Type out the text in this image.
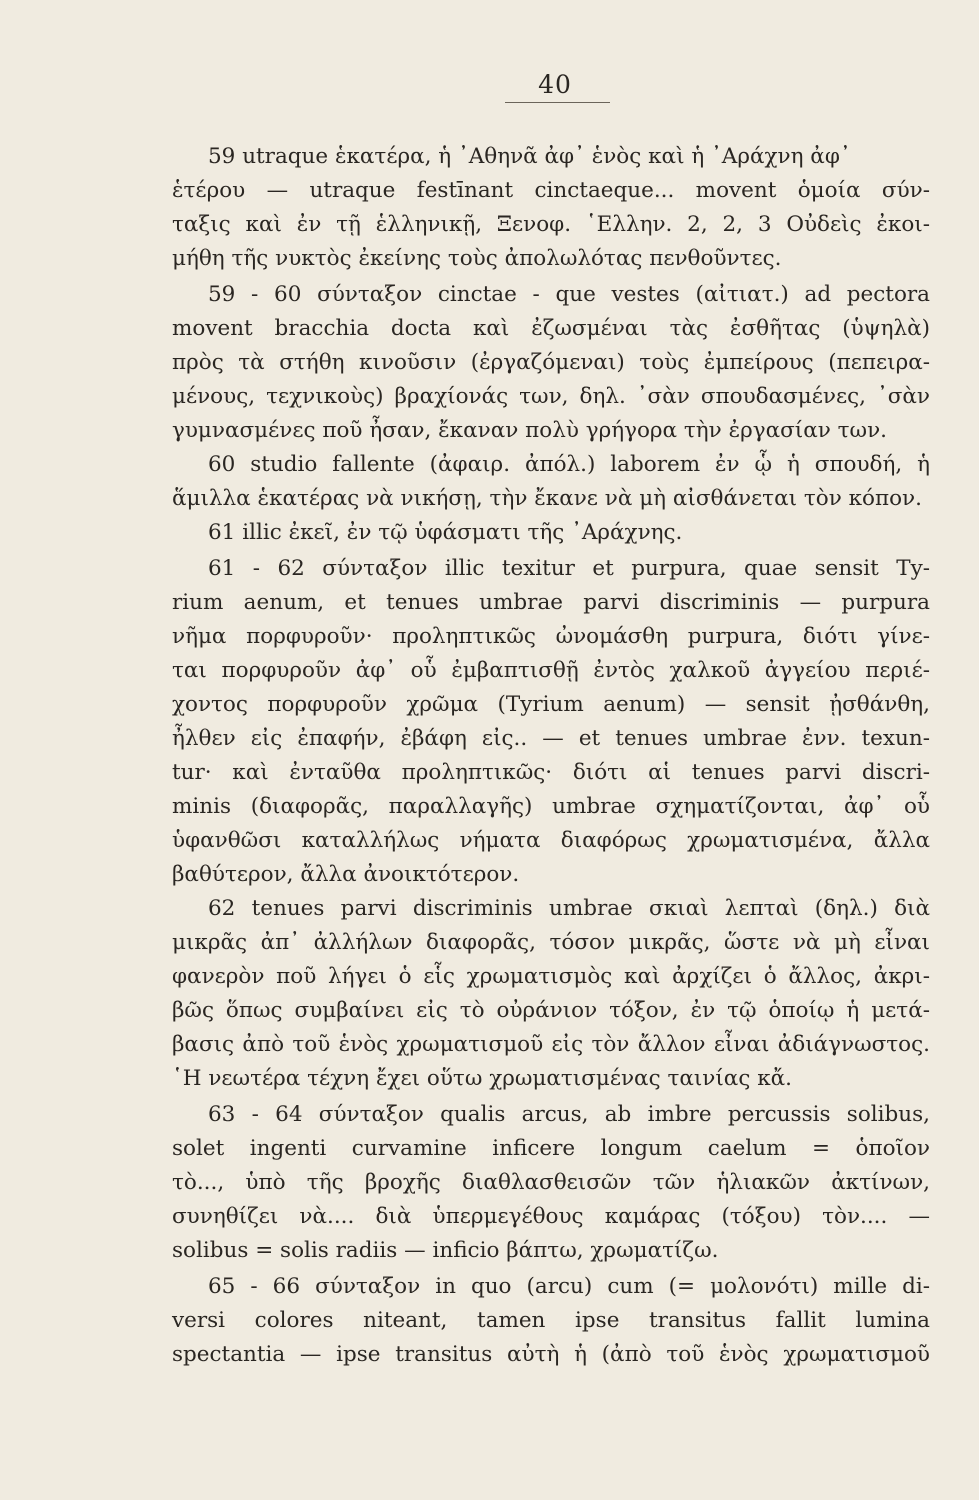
40
59 utraque ἑκατέρα, ἡ ᾿Αθηνᾶ ἀφ᾿ ἑνὸς καὶ ἡ ᾿Αράχνη ἀφ᾿
ἑτέρου — utraque festīnant cinctaeque... movent ὁμοία σύν-
ταξις καὶ ἐν τῇ ἑλληνικῇ, Ξενοφ. ῾Ελλην. 2, 2, 3 Οὐδεὶς ἐκοι-
μήθη τῆς νυκτὸς ἐκείνης τοὺς ἀπολωλότας πενθοῦντες.
59 - 60 σύνταξον cinctae - que vestes (αἰτιατ.) ad pectora
movent bracchia docta καὶ ἐζωσμέναι τὰς ἐσθῆτας (ὑψηλὰ)
πρὸς τὰ στήθη κινοῦσιν (ἐργαζόμεναι) τοὺς ἐμπείρους (πεπειρα-
μένους, τεχνικοὺς) βραχίονάς των, δηλ. ᾿σὰν σπουδασμένες, ᾿σὰν
γυμνασμένες ποῦ ἦσαν, ἔκαναν πολὺ γρήγορα τὴν ἐργασίαν των.
60 studio fallente (ἀφαιρ. ἀπόλ.) laborem ἐν ᾧ ἡ σπουδή, ἡ
ἅμιλλα ἑκατέρας νὰ νικήσῃ, τὴν ἔκανε νὰ μὴ αἰσθάνεται τὸν κόπον.
61 illic ἐκεῖ, ἐν τῷ ὑφάσματι τῆς ᾿Αράχνης.
61 - 62 σύνταξον illic texitur et purpura, quae sensit Ty-
rium aenum, et tenues umbrae parvi discriminis — purpura
νῆμα πορφυροῦν· προληπτικῶς ὠνομάσθη purpura, διότι γίνε-
ται πορφυροῦν ἀφ᾿ οὗ ἐμβαπτισθῇ ἐντὸς χαλκοῦ ἀγγείου περιέ-
χοντος πορφυροῦν χρῶμα (Tyrium aenum) — sensit ᾐσθάνθη,
ἦλθεν εἰς ἐπαφήν, ἐβάφη εἰς.. — et tenues umbrae ἐνν. texun-
tur· καὶ ἐνταῦθα προληπτικῶς· διότι αἱ tenues parvi discri-
minis (διαφορᾶς, παραλλαγῆς) umbrae σχηματίζονται, ἀφ᾿ οὗ
ὑφανθῶσι καταλλήλως νήματα διαφόρως χρωματισμένα, ἄλλα
βαθύτερον, ἄλλα ἀνοικτότερον.
62 tenues parvi discriminis umbrae σκιαὶ λεπταὶ (δηλ.) διὰ
μικρᾶς ἀπ᾿ ἀλλήλων διαφορᾶς, τόσον μικρᾶς, ὥστε νὰ μὴ εἶναι
φανερὸν ποῦ λήγει ὁ εἷς χρωματισμὸς καὶ ἀρχίζει ὁ ἄλλος, ἀκρι-
βῶς ὅπως συμβαίνει εἰς τὸ οὐράνιον τόξον, ἐν τῷ ὁποίῳ ἡ μετά-
βασις ἀπὸ τοῦ ἑνὸς χρωματισμοῦ εἰς τὸν ἄλλον εἶναι ἀδιάγνωστος.
῾Η νεωτέρα τέχνη ἔχει οὕτω χρωματισμένας ταινίας κἄ.
63 - 64 σύνταξον qualis arcus, ab imbre percussis solibus,
solet ingenti curvamine inficere longum caelum = ὁποῖον
τὸ..., ὑπὸ τῆς βροχῆς διαθλασθεισῶν τῶν ἡλιακῶν ἀκτίνων,
συνηθίζει νὰ.... διὰ ὑπερμεγέθους καμάρας (τόξου) τὸν.... —
solibus = solis radiis — inficio βάπτω, χρωματίζω.
65 - 66 σύνταξον in quo (arcu) cum (= μολονότι) mille di-
versi colores niteant, tamen ipse transitus fallit lumina
spectantia — ipse transitus αὐτὴ ἡ (ἀπὸ τοῦ ἑνὸς χρωματισμοῦ
